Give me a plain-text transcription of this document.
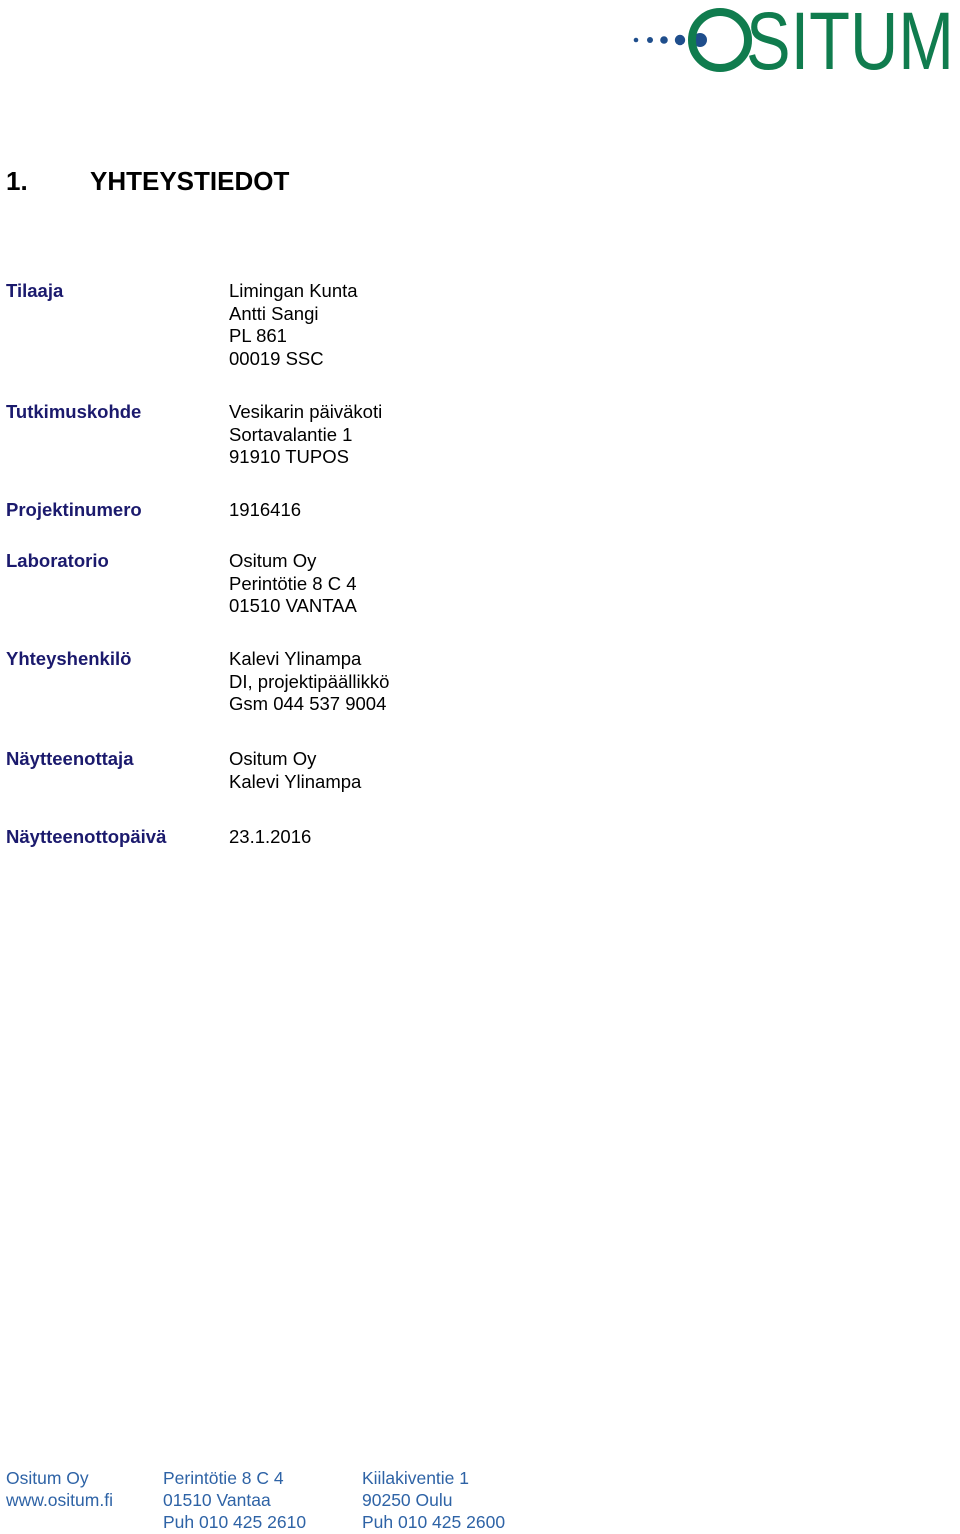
SITUM
1. YHTEYSTIEDOT
Tilaaja	Limingan Kunta
Antti Sangi
PL 861
00019 SSC
Tutkimuskohde	Vesikarin päiväkoti
Sortavalantie 1
91910 TUPOS
Projektinumero	1916416
Laboratorio	Ositum Oy
Perintötie 8 C 4
01510 VANTAA
Yhteyshenkilö	Kalevi Ylinampa
DI, projektipäällikkö
Gsm 044 537 9004
Näytteenottaja	Ositum Oy
Kalevi Ylinampa
Näytteenottopäivä	23.1.2016
Ositum Oy
www.ositum.fi
Perintötie 8 C 4
01510 Vantaa
Puh 010 425 2610
Kiilakiventie 1
90250 Oulu
Puh 010 425 2600
